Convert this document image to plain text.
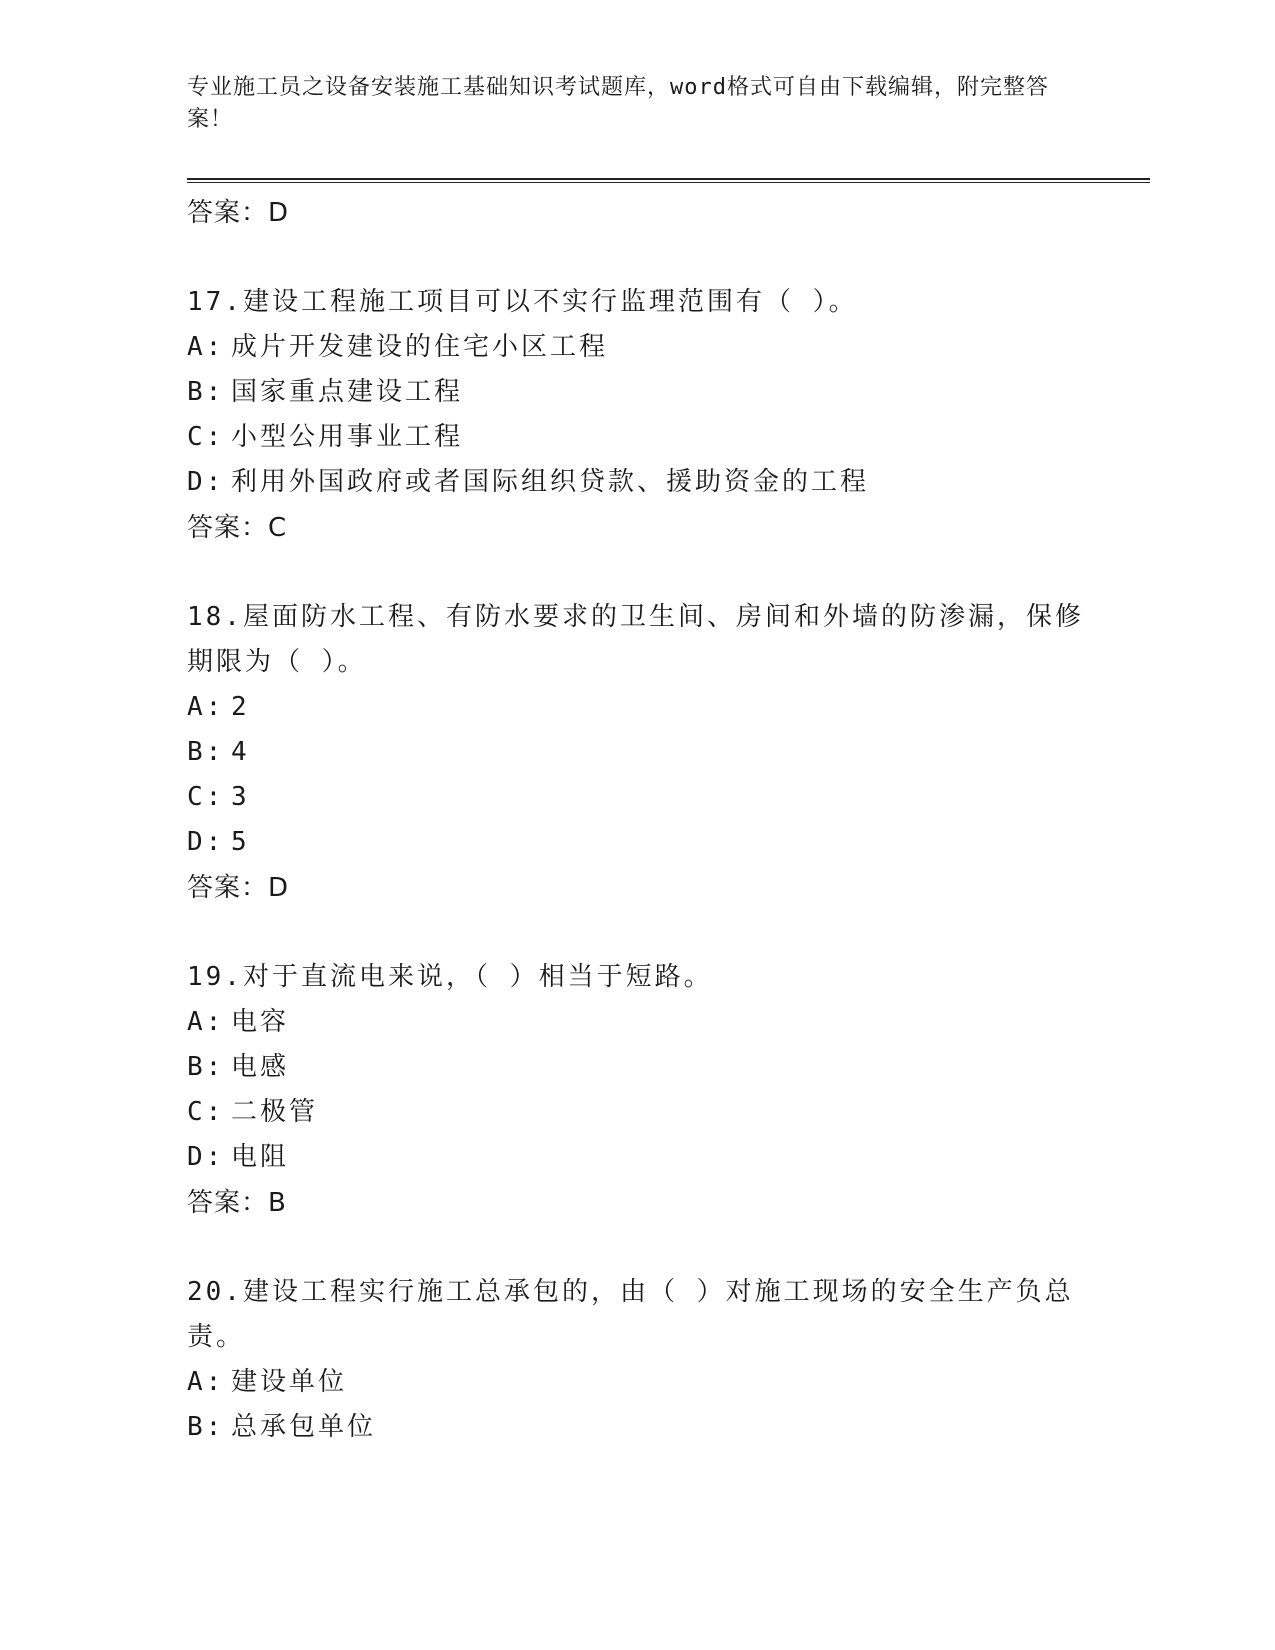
专业施工员之设备安装施工基础知识考试题库，word格式可自由下载编辑，附完整答案！
答案：D

17.建设工程施工项目可以不实行监理范围有（ ）。

A: 成片开发建设的住宅小区工程
B: 国家重点建设工程
C: 小型公用事业工程
D: 利用外国政府或者国际组织贷款、援助资金的工程
答案：C

18.屋面防水工程、有防水要求的卫生间、房间和外墙的防渗漏，保修期限为（ ）。

A: 2
B: 4
C: 3
D: 5
答案：D

19.对于直流电来说，（ ）相当于短路。

A: 电容
B: 电感
C: 二极管
D: 电阻
答案：B

20.建设工程实行施工总承包的，由（ ）对施工现场的安全生产负总责。

A: 建设单位
B: 总承包单位
